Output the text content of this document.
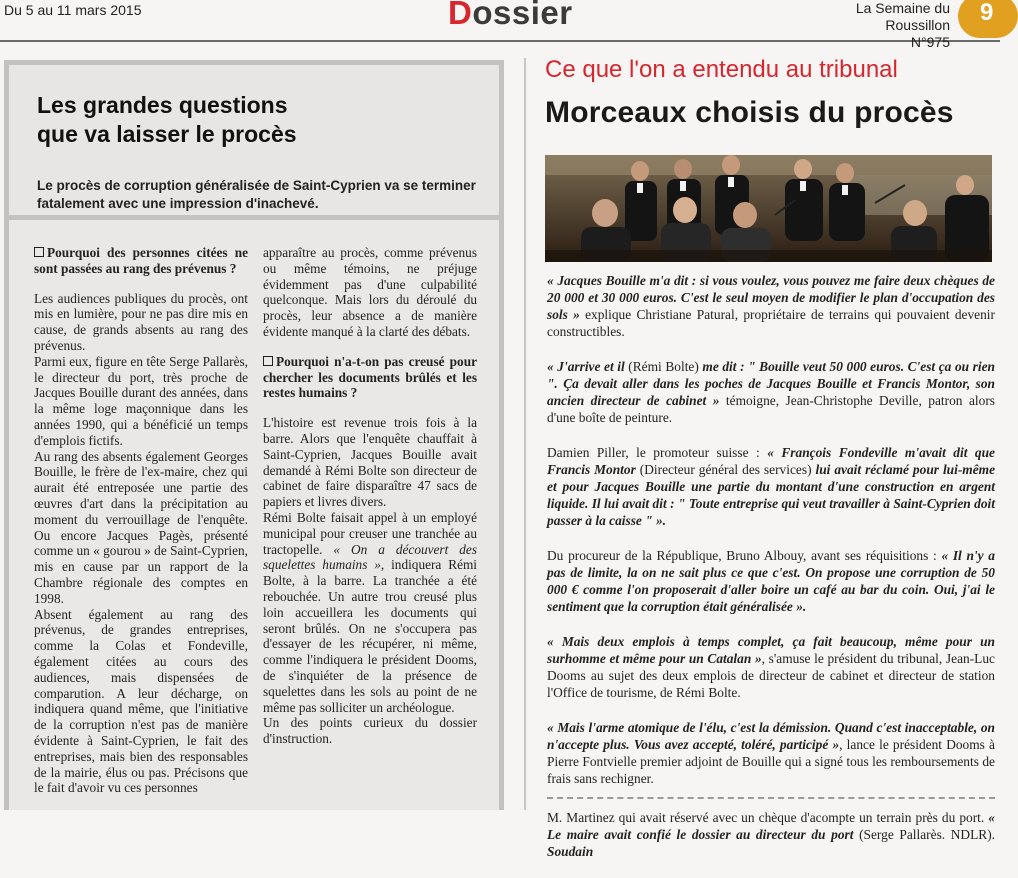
Du 5 au 11 mars 2015	Dossier	La Semaine du Roussillon
N°975
9
Les grandes questions
que va laisser le procès
Le procès de corruption généralisée de Saint-Cyprien va se terminer fatalement avec une impression d'inachevé.

Pourquoi des personnes citées ne sont passées au rang des prévenus ?

Les audiences publiques du procès, ont mis en lumière, pour ne pas dire mis en cause, de grands absents au rang des prévenus.

Parmi eux, figure en tête Serge Pallarès, le directeur du port, très proche de Jacques Bouille durant des années, dans la même loge maçonnique dans les années 1990, qui a bénéficié un temps d'emplois fictifs.

Au rang des absents également Georges Bouille, le frère de l'ex-maire, chez qui aurait été entreposée une partie des œuvres d'art dans la précipitation au moment du verrouillage de l'enquête. Ou encore Jacques Pagès, présenté comme un « gourou » de Saint-Cyprien, mis en cause par un rapport de la Chambre régionale des comptes en 1998.

Absent également au rang des prévenus, de grandes entreprises, comme la Colas et Fondeville, également citées au cours des audiences, mais dispensées de comparution. A leur décharge, on indiquera quand même, que l'initiative de la corruption n'est pas de manière évidente à Saint-Cyprien, le fait des entreprises, mais bien des responsables de la mairie, élus ou pas. Précisons que le fait d'avoir vu ces personnes

apparaître au procès, comme prévenus ou même témoins, ne préjuge évidemment pas d'une culpabilité quelconque. Mais lors du déroulé du procès, leur absence a de manière évidente manqué à la clarté des débats.

Pourquoi n'a-t-on pas creusé pour chercher les documents brûlés et les restes humains ?

L'histoire est revenue trois fois à la barre. Alors que l'enquête chauffait à Saint-Cyprien, Jacques Bouille avait demandé à Rémi Bolte son directeur de cabinet de faire disparaître 47 sacs de papiers et livres divers.

Rémi Bolte faisait appel à un employé municipal pour creuser une tranchée au tractopelle. « On a découvert des squelettes humains », indiquera Rémi Bolte, à la barre. La tranchée a été rebouchée. Un autre trou creusé plus loin accueillera les documents qui seront brûlés. On ne s'occupera pas d'essayer de les récupérer, ni même, comme l'indiquera le président Dooms, de s'inquiéter de la présence de squelettes dans les sols au point de ne même pas solliciter un archéologue.

Un des points curieux du dossier d'instruction.

Ce que l'on a entendu au tribunal
Morceaux choisis du procès

« Jacques Bouille m'a dit : si vous voulez, vous pouvez me faire deux chèques de 20 000 et 30 000 euros. C'est le seul moyen de modifier le plan d'occupation des sols » explique Christiane Patural, propriétaire de terrains qui pouvaient devenir constructibles.

« J'arrive et il (Rémi Bolte) me dit : " Bouille veut 50 000 euros. C'est ça ou rien ". Ça devait aller dans les poches de Jacques Bouille et Francis Montor, son ancien directeur de cabinet » témoigne, Jean-Christophe Deville, patron alors d'une boîte de peinture.

Damien Piller, le promoteur suisse : « François Fondeville m'avait dit que Francis Montor (Directeur général des services) lui avait réclamé pour lui-même et pour Jacques Bouille une partie du montant d'une construction en argent liquide. Il lui avait dit : " Toute entreprise qui veut travailler à Saint-Cyprien doit passer à la caisse " ».

Du procureur de la République, Bruno Albouy, avant ses réquisitions : « Il n'y a pas de limite, la on ne sait plus ce que c'est. On propose une corruption de 50 000 € comme l'on proposerait d'aller boire un café au bar du coin. Oui, j'ai le sentiment que la corruption était généralisée ».

« Mais deux emplois à temps complet, ça fait beaucoup, même pour un surhomme et même pour un Catalan », s'amuse le président du tribunal, Jean-Luc Dooms au sujet des deux emplois de directeur de cabinet et directeur de station l'Office de tourisme, de Rémi Bolte.

« Mais l'arme atomique de l'élu, c'est la démission. Quand c'est inacceptable, on n'accepte plus. Vous avez accepté, toléré, participé », lance le président Dooms à Pierre Fontvielle premier adjoint de Bouille qui a signé tous les remboursements de frais sans rechigner.

M. Martinez qui avait réservé avec un chèque d'acompte un terrain près du port. « Le maire avait confié le dossier au directeur du port (Serge Pallarès. NDLR). Soudain
